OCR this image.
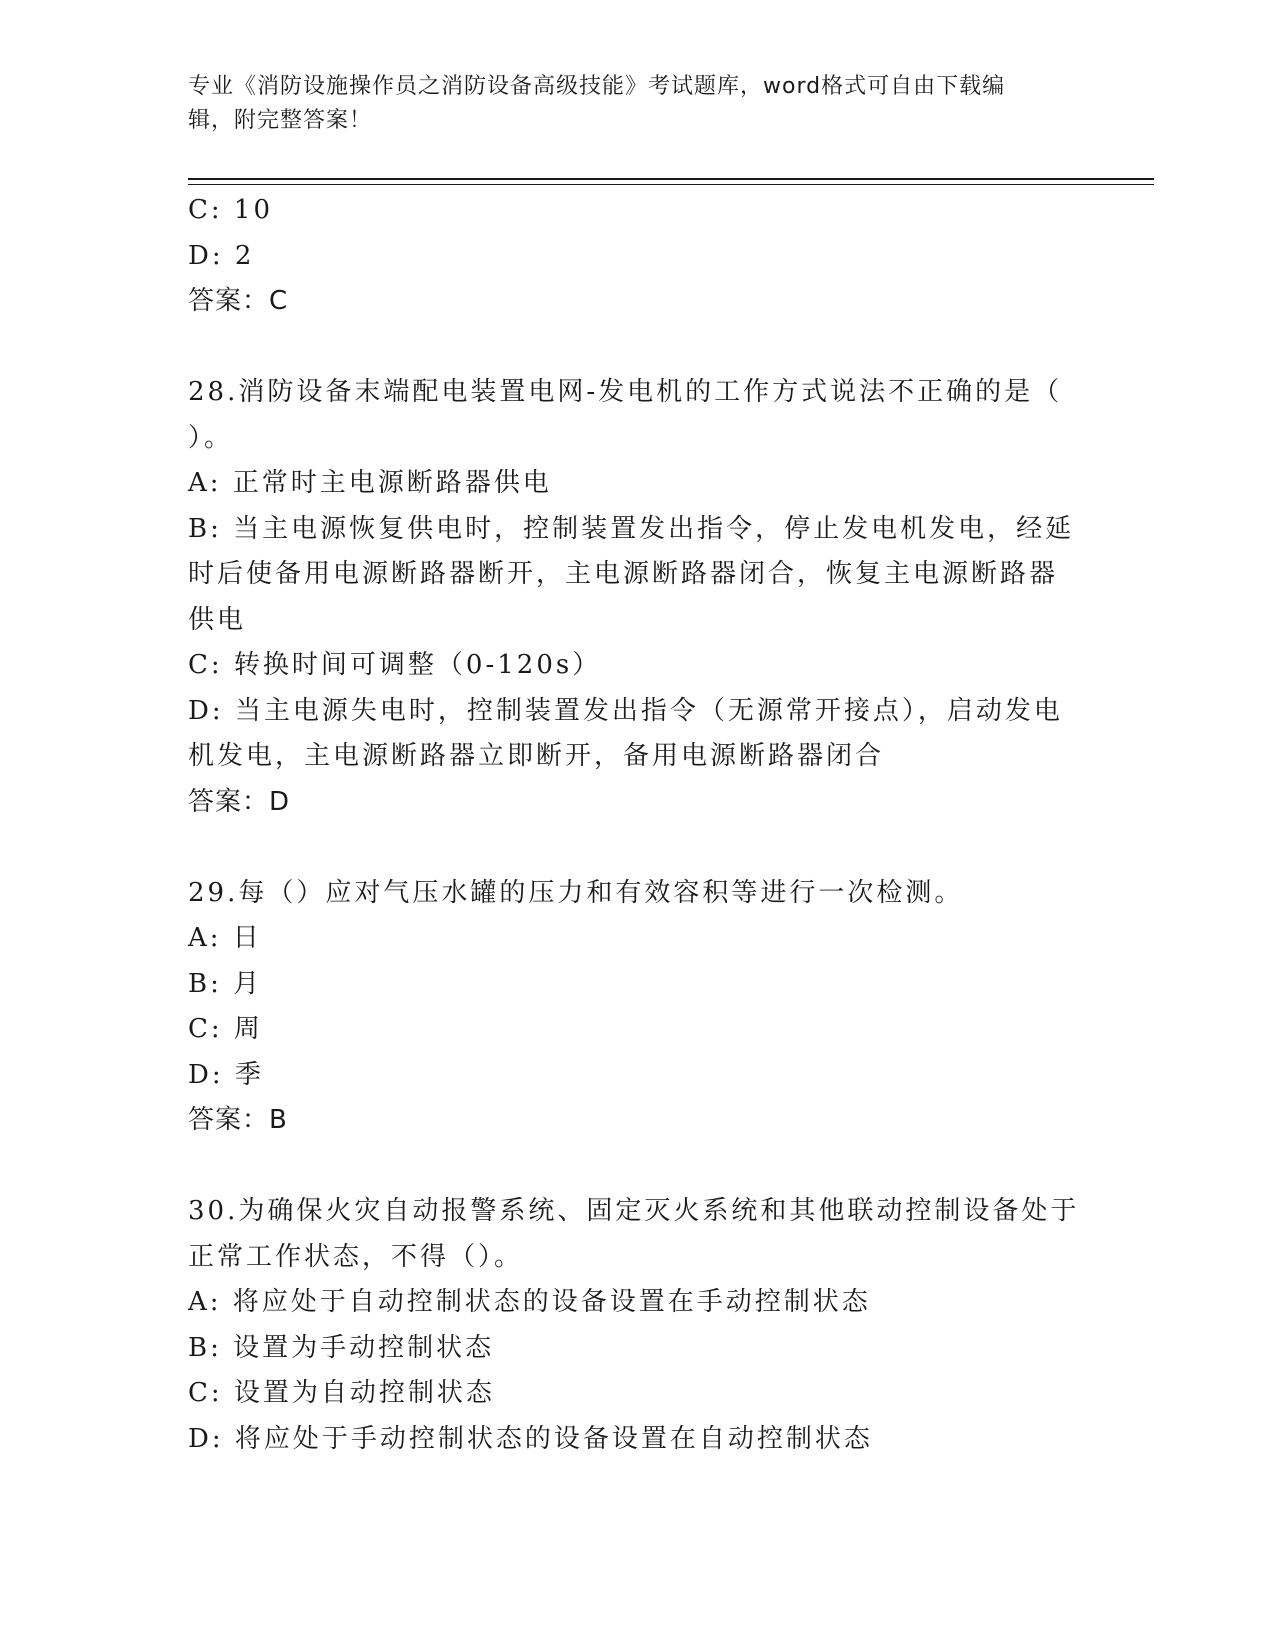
专业《消防设施操作员之消防设备高级技能》考试题库，word格式可自由下载编
辑，附完整答案！
C: 10
D: 2
答案：C
28.消防设备末端配电装置电网-发电机的工作方式说法不正确的是（
）。
A: 正常时主电源断路器供电
B: 当主电源恢复供电时，控制装置发出指令，停止发电机发电，经延
时后使备用电源断路器断开，主电源断路器闭合，恢复主电源断路器
供电
C: 转换时间可调整（0-120s）
D: 当主电源失电时，控制装置发出指令（无源常开接点），启动发电
机发电，主电源断路器立即断开，备用电源断路器闭合
答案：D
29.每（）应对气压水罐的压力和有效容积等进行一次检测。
A: 日
B: 月
C: 周
D: 季
答案：B
30.为确保火灾自动报警系统、固定灭火系统和其他联动控制设备处于
正常工作状态，不得（）。
A: 将应处于自动控制状态的设备设置在手动控制状态
B: 设置为手动控制状态
C: 设置为自动控制状态
D: 将应处于手动控制状态的设备设置在自动控制状态
